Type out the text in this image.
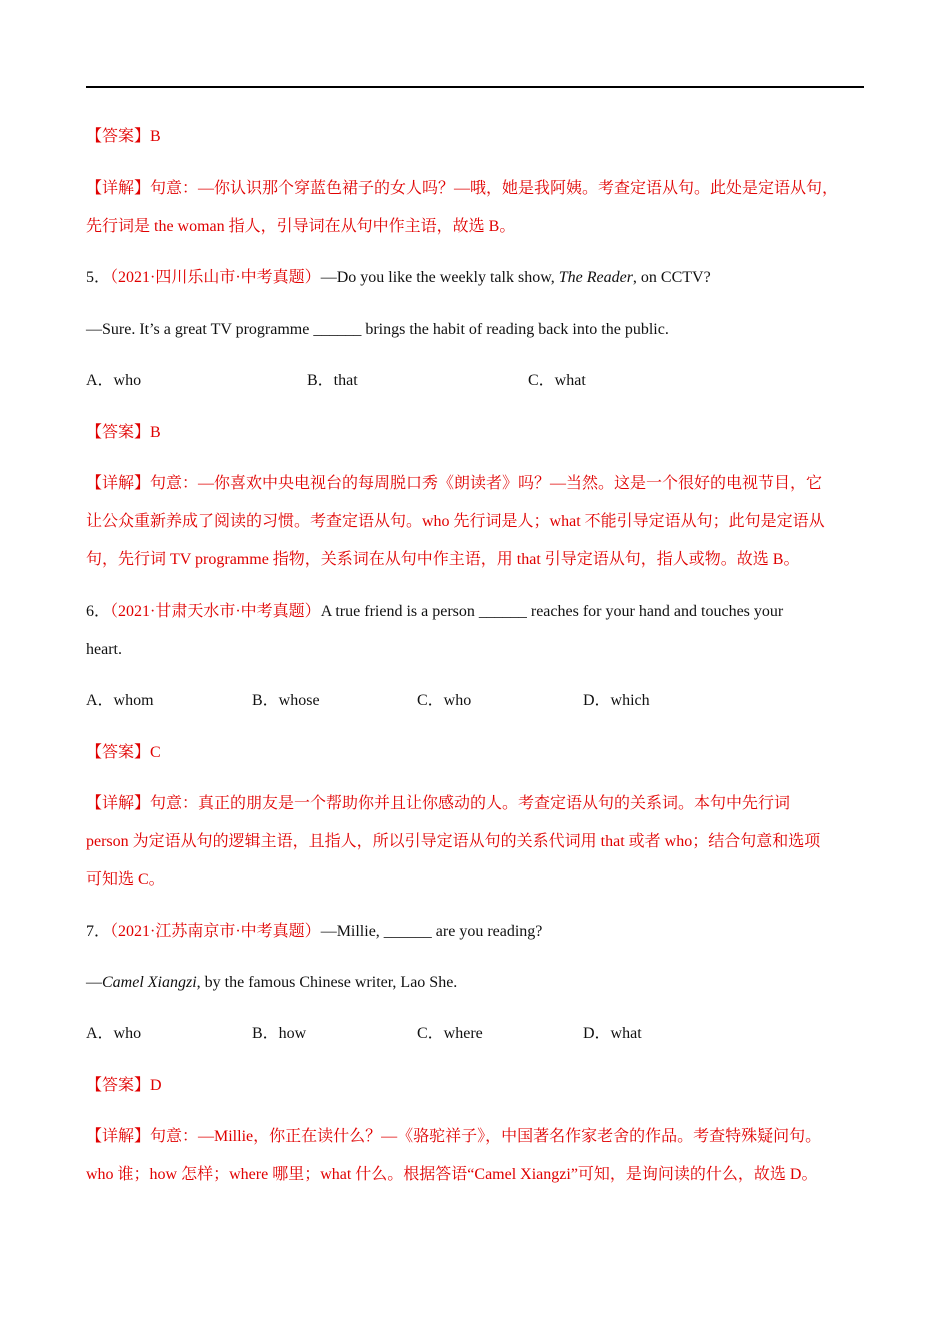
【答案】B
【详解】句意：—你认识那个穿蓝色裙子的女人吗？—哦，她是我阿姨。考查定语从句。此处是定语从句，
先行词是 the woman 指人，引导词在从句中作主语，故选 B。
5．（2021·四川乐山市·中考真题）—Do you like the weekly talk show, The Reader, on CCTV?
—Sure. It’s a great TV programme ______ brings the habit of reading back into the public.
A．who	B．that	C．what
【答案】B
【详解】句意：—你喜欢中央电视台的每周脱口秀《朗读者》吗？—当然。这是一个很好的电视节目，它
让公众重新养成了阅读的习惯。考查定语从句。who 先行词是人；what 不能引导定语从句；此句是定语从
句，先行词 TV programme 指物，关系词在从句中作主语，用 that 引导定语从句，指人或物。故选 B。
6．（2021·甘肃天水市·中考真题）A true friend is a person ______ reaches for your hand and touches your
heart.
A．whom	B．whose	C．who	D．which
【答案】C
【详解】句意：真正的朋友是一个帮助你并且让你感动的人。考查定语从句的关系词。本句中先行词
person 为定语从句的逻辑主语，且指人，所以引导定语从句的关系代词用 that 或者 who；结合句意和选项
可知选 C。
7．（2021·江苏南京市·中考真题）—Millie, ______ are you reading?
—Camel Xiangzi, by the famous Chinese writer, Lao She.
A．who	B．how	C．where	D．what
【答案】D
【详解】句意：—Millie，你正在读什么？—《骆驼祥子》，中国著名作家老舍的作品。考查特殊疑问句。
who 谁；how 怎样；where 哪里；what 什么。根据答语“Camel Xiangzi”可知，是询问读的什么，故选 D。
